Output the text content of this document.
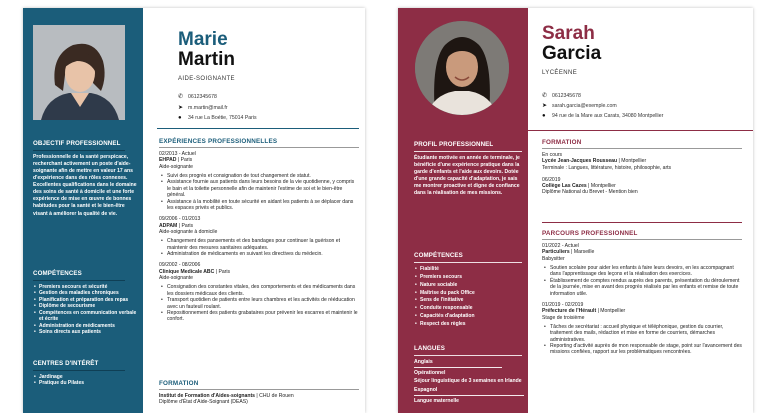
OBJECTIF PROFESSIONNEL
Professionnelle de la santé perspicace, recherchant activement un poste d'aide-soignante afin de mettre en valeur 17 ans d'expérience dans des rôles connexes. Excellentes qualifications dans le domaine des soins de santé à domicile et une forte expérience de mise en œuvre de bonnes habitudes pour la santé et le bien-être visant à améliorer la qualité de vie.
COMPÉTENCES
• Premiers secours et sécurité
• Gestion des maladies chroniques
• Planification et préparation des repas
• Diplôme de secourisme
• Compétences en communication verbale et écrite
• Administration de médicaments
• Soins directs aux patients
CENTRES D'INTÉRÊT
• Jardinage
• Pratique du Pilates
Marie
Martin
AIDE-SOIGNANTE
✆ 0612345678
➤ m.martin@mail.fr
●	34 rue La Boétie, 75014 Paris
EXPÉRIENCES PROFESSIONNELLES
02/2013 - Actuel
EHPAD | Paris
Aide-soignante
• Suivi des progrès et consignation de tout changement de statut.
• Assistance fournie aux patients dans leurs besoins de la vie quotidienne, y compris le bain et la toilette personnelle afin de maintenir l'estime de soi et le bien-être général.
• Assistance à la mobilité en toute sécurité en aidant les patients à se déplacer dans les espaces privés et publics.
09/2006 - 01/2013
ADPAM | Paris
Aide-soignante à domicile
• Changement des pansements et des bandages pour continuer la guérison et maintenir des mesures sanitaires adéquates.
• Administration de médicaments en suivant les directives du médecin.
09/2002 - 08/2006
Clinique Medicale ABC | Paris
Aide-soignante
• Consignation des constantes vitales, des comportements et des médicaments dans les dossiers médicaux des clients.
• Transport quotidien de patients entre leurs chambres et les activités de rééducation avec un fauteuil roulant.
• Repositionnement des patients grabataires pour prévenir les escarres et maintenir le confort.
FORMATION
Institut de Formation d'Aides-soignants | CHU de Rouen
Diplôme d'État d'Aide-Soignant (DEAS)
PROFIL PROFESSIONNEL
Étudiante motivée en année de terminale, je bénéficie d'une expérience pratique dans la garde d'enfants et l'aide aux devoirs. Dotée d'une grande capacité d'adaptation, je sais me montrer proactive et digne de confiance dans la réalisation de mes missions.
COMPÉTENCES
• Fiabilité
• Premiers secours
• Nature sociable
• Maîtrise du pack Office
• Sens de l'initiative
• Conduite responsable
• Capacités d'adaptation
• Respect des règles
LANGUES
Anglais
Opérationnel
Séjour linguistique de 3 semaines en Irlande
Espagnol
Langue maternelle
Sarah
Garcia
LYCÉENNE
✆ 0612345678
➤ sarah.garcia@exemple.com
●	94 rue de la Mare aux Carats, 34080 Montpellier
FORMATION
En cours
Lycée Jean-Jacques Rousseau | Montpellier
Terminale : Langues, littérature, histoire, philosophie, arts
06/2019
Collège Las Cazes | Montpellier
Diplôme National du Brevet - Mention bien
PARCOURS PROFESSIONNEL
01/2022 - Actuel
Particuliers | Marseille
Babysitter
• Soutien scolaire pour aider les enfants à faire leurs devoirs, en les accompagnant dans l'apprentissage des leçons et la réalisation des exercices.
• Établissement de comptes rendus auprès des parents, présentation du déroulement de la journée, mise en avant des progrès réalisés par les enfants et remise de toute information utile.
01/2019 - 02/2019
Préfecture de l'Hérault | Montpellier
Stage de troisième
• Tâches de secrétariat : accueil physique et téléphonique, gestion du courrier, traitement des mails, rédaction et mise en forme de courriers, démarches administratives.
• Reporting d'activité auprès de mon responsable de stage, point sur l'avancement des missions confiées, rapport sur les problématiques rencontrées.
